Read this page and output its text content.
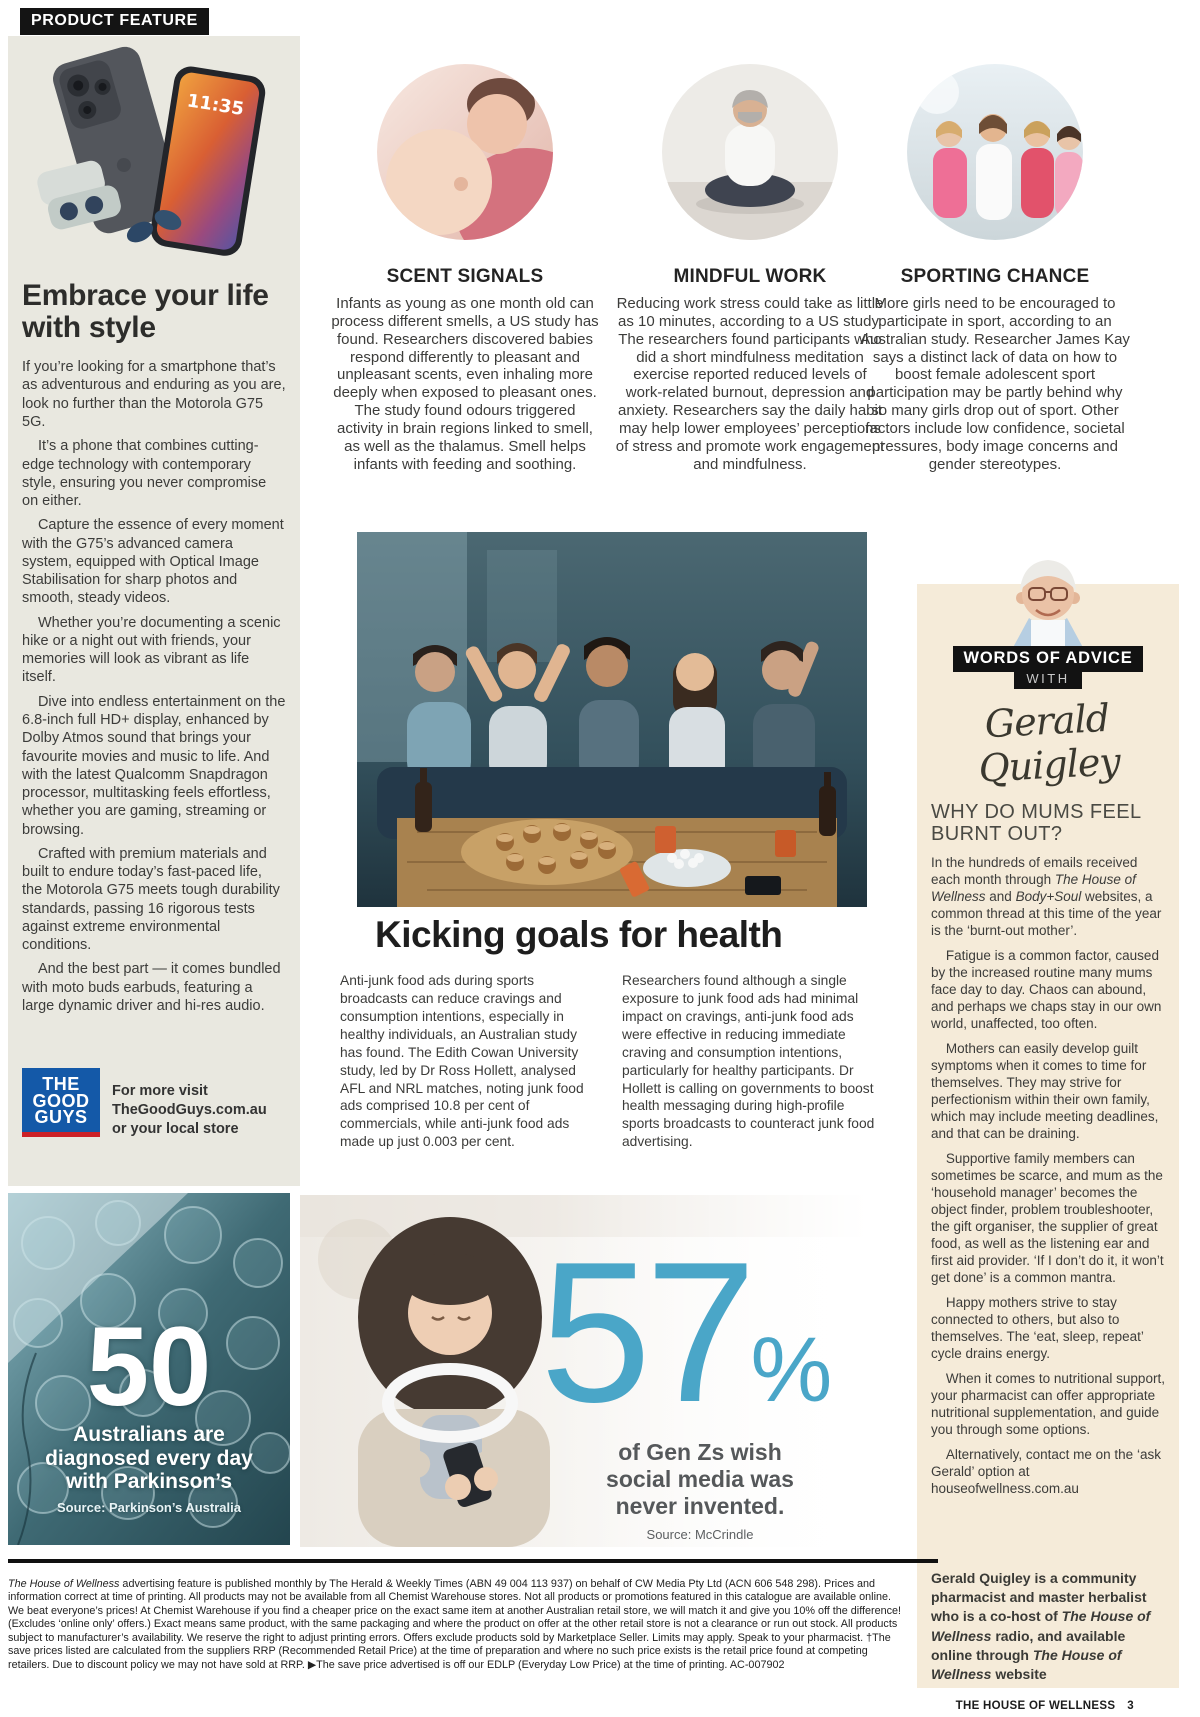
PRODUCT FEATURE
11:35
Embrace your life with style

If you’re looking for a smartphone that’s as adventurous and enduring as you are, look no further than the Motorola G75 5G.

It’s a phone that combines cutting-edge technology with contemporary style, ensuring you never compromise on either.

Capture the essence of every moment with the G75’s advanced camera system, equipped with Optical Image Stabilisation for sharp photos and smooth, steady videos.

Whether you’re documenting a scenic hike or a night out with friends, your memories will look as vibrant as life itself.

Dive into endless entertainment on the 6.8-inch full HD+ display, enhanced by Dolby Atmos sound that brings your favourite movies and music to life. And with the latest Qualcomm Snapdragon processor, multitasking feels effortless, whether you are gaming, streaming or browsing.

Crafted with premium materials and built to endure today’s fast-paced life, the Motorola G75 meets tough durability standards, passing 16 rigorous tests against extreme environmental conditions.

And the best part — it comes bundled with moto buds earbuds, featuring a large dynamic driver and hi-res audio.

THE
GOOD
GUYS
For more visit
TheGoodGuys.com.au
or your local store
SCENT SIGNALS

Infants as young as one month old can process different smells, a US study has found. Researchers discovered babies respond differently to pleasant and unpleasant scents, even inhaling more deeply when exposed to pleasant ones. The study found odours triggered activity in brain regions linked to smell, as well as the thalamus. Smell helps infants with feeding and soothing.

MINDFUL WORK

Reducing work stress could take as little as 10 minutes, according to a US study. The researchers found participants who did a short mindfulness meditation exercise reported reduced levels of work-related burnout, depression and anxiety. Researchers say the daily habit may help lower employees’ perceptions of stress and promote work engagement and mindfulness.

SPORTING CHANCE

More girls need to be encouraged to participate in sport, according to an Australian study. Researcher James Kay says a distinct lack of data on how to boost female adolescent sport participation may be partly behind why so many girls drop out of sport. Other factors include low confidence, societal pressures, body image concerns and gender stereotypes.

Kicking goals for health

Anti-junk food ads during sports broadcasts can reduce cravings and consumption intentions, especially in healthy individuals, an Australian study has found. The Edith Cowan University study, led by Dr Ross Hollett, analysed AFL and NRL matches, noting junk food ads comprised 10.8 per cent of commercials, while anti-junk food ads made up just 0.003 per cent.

Researchers found although a single exposure to junk food ads had minimal impact on cravings, anti-junk food ads were effective in reducing immediate craving and consumption intentions, particularly for healthy participants. Dr Hollett is calling on governments to boost health messaging during high-profile sports broadcasts to counteract junk food advertising.

WORDS OF ADVICE
WITH
Gerald Quigley
WHY DO MUMS FEEL BURNT OUT?

In the hundreds of emails received each month through The House of Wellness and Body+Soul websites, a common thread at this time of the year is the ‘burnt-out mother’.

Fatigue is a common factor, caused by the increased routine many mums face day to day. Chaos can abound, and perhaps we chaps stay in our own world, unaffected, too often.

Mothers can easily develop guilt symptoms when it comes to time for themselves. They may strive for perfectionism within their own family, which may include meeting deadlines, and that can be draining.

Supportive family members can sometimes be scarce, and mum as the ‘household manager’ becomes the object finder, problem troubleshooter, the gift organiser, the supplier of great food, as well as the listening ear and first aid provider. ‘If I don’t do it, it won’t get done’ is a common mantra.

Happy mothers strive to stay connected to others, but also to themselves. The ‘eat, sleep, repeat’ cycle drains energy.

When it comes to nutritional support, your pharmacist can offer appropriate nutritional supplementation, and guide you through some options.

Alternatively, contact me on the ‘ask Gerald’ option at houseofwellness.com.au

Gerald Quigley is a community pharmacist and master herbalist who is a co-host of The House of Wellness radio, and available online through The House of Wellness website

50
Australians are
diagnosed every day
with Parkinson’s
Source: Parkinson’s Australia
57%
of Gen Zs wish
social media was
never invented.
Source: McCrindle

The House of Wellness advertising feature is published monthly by The Herald & Weekly Times (ABN 49 004 113 937) on behalf of CW Media Pty Ltd (ACN 606 548 298). Prices and information correct at time of printing. All products may not be available from all Chemist Warehouse stores. Not all products or promotions featured in this catalogue are available online. We beat everyone’s prices! At Chemist Warehouse if you find a cheaper price on the exact same item at another Australian retail store, we will match it and give you 10% off the difference! (Excludes ‘online only’ offers.) Exact means same product, with the same packaging and where the product on offer at the other retail store is not a clearance or run out stock. All products subject to manufacturer’s availability. We reserve the right to adjust printing errors. Offers exclude products sold by Marketplace Seller. Limits may apply. Speak to your pharmacist. †The save prices listed are calculated from the suppliers RRP (Recommended Retail Price) at the time of preparation and where no such price exists is the retail price found at competing retailers. Due to discount policy we may not have sold at RRP. ▶The save price advertised is off our EDLP (Everyday Low Price) at the time of printing. AC-007902

THE HOUSE OF WELLNESS 3
